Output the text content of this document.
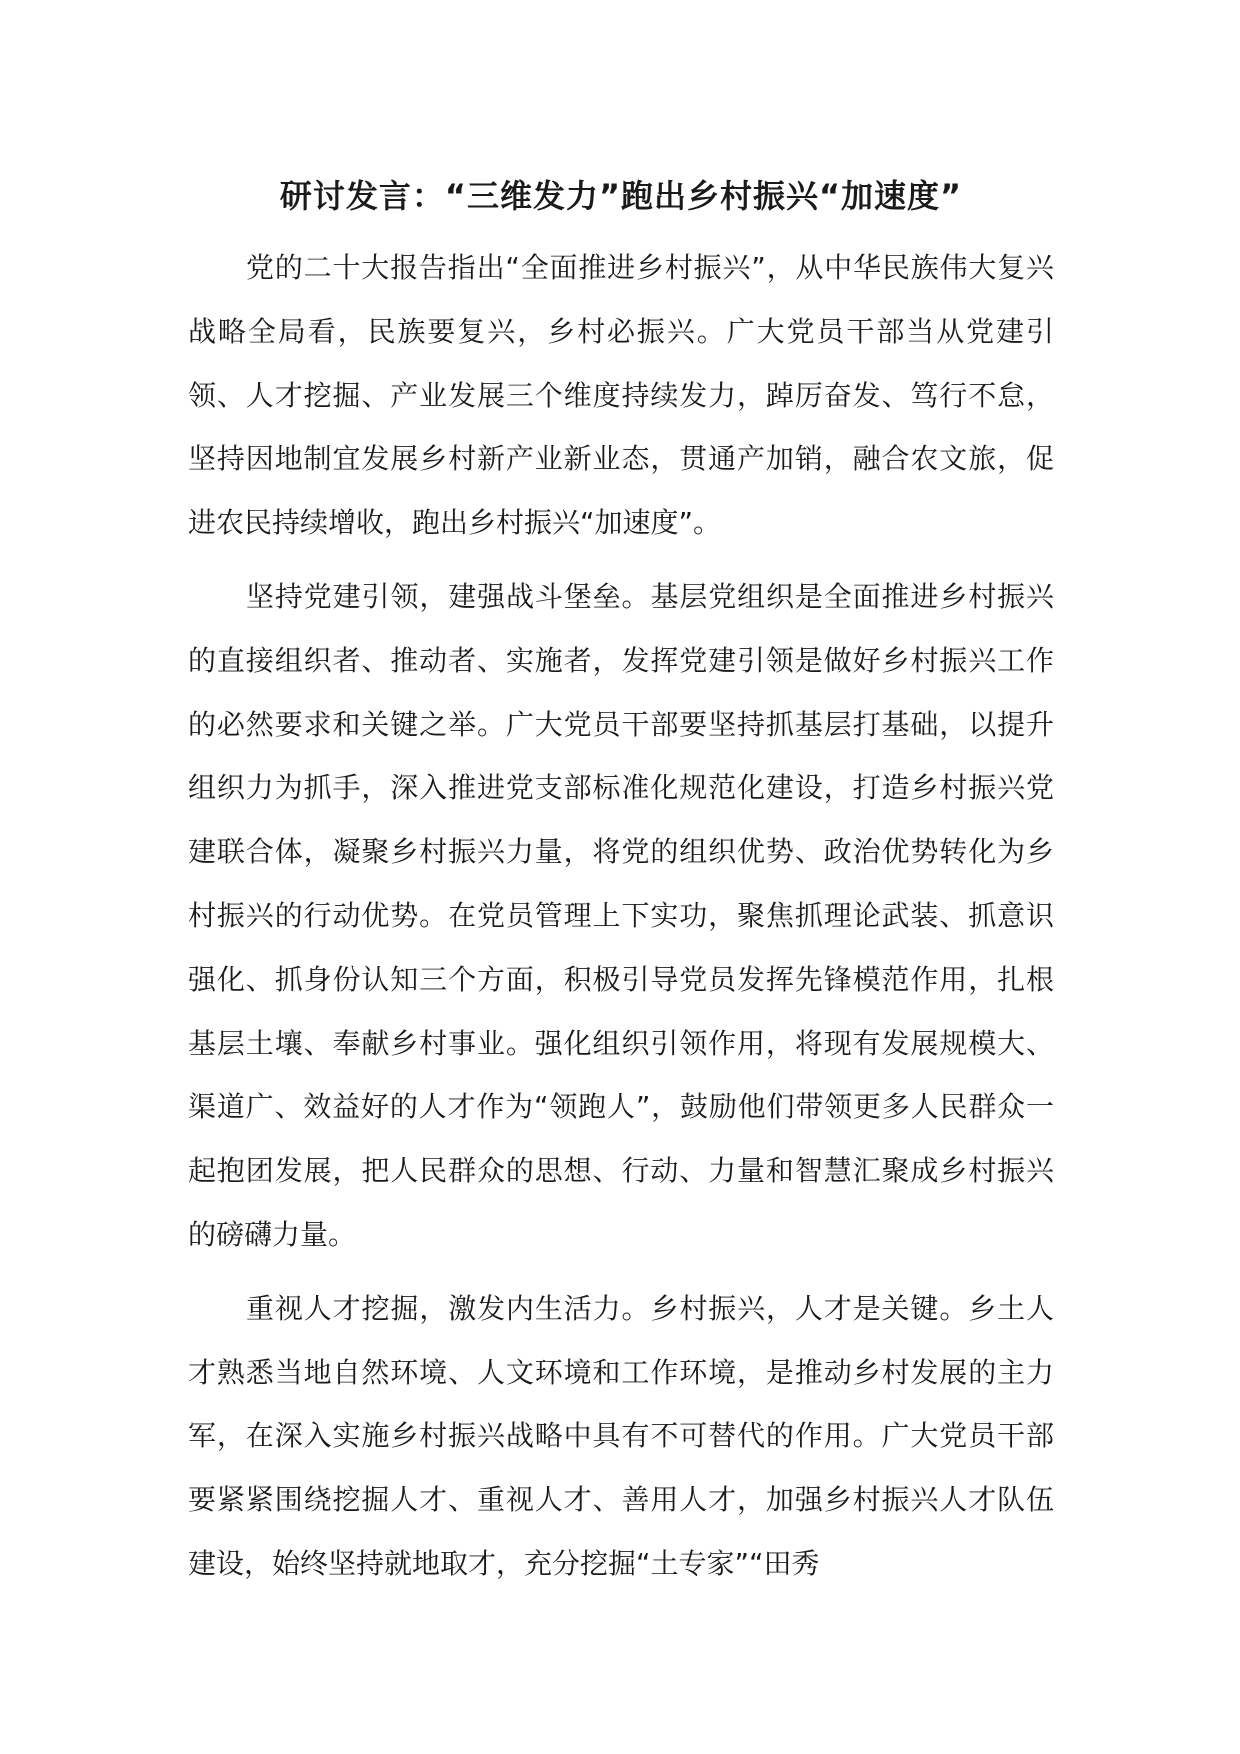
研讨发言：“三维发力”跑出乡村振兴“加速度”

党的二十大报告指出“全面推进乡村振兴”，从中华民族伟大复兴战略全局看，民族要复兴，乡村必振兴。广大党员干部当从党建引领、人才挖掘、产业发展三个维度持续发力，踔厉奋发、笃行不怠，坚持因地制宜发展乡村新产业新业态，贯通产加销，融合农文旅，促进农民持续增收，跑出乡村振兴“加速度”。

坚持党建引领，建强战斗堡垒。基层党组织是全面推进乡村振兴的直接组织者、推动者、实施者，发挥党建引领是做好乡村振兴工作的必然要求和关键之举。广大党员干部要坚持抓基层打基础，以提升组织力为抓手，深入推进党支部标准化规范化建设，打造乡村振兴党建联合体，凝聚乡村振兴力量，将党的组织优势、政治优势转化为乡村振兴的行动优势。在党员管理上下实功，聚焦抓理论武装、抓意识强化、抓身份认知三个方面，积极引导党员发挥先锋模范作用，扎根基层土壤、奉献乡村事业。强化组织引领作用，将现有发展规模大、渠道广、效益好的人才作为“领跑人”，鼓励他们带领更多人民群众一起抱团发展，把人民群众的思想、行动、力量和智慧汇聚成乡村振兴的磅礴力量。

重视人才挖掘，激发内生活力。乡村振兴，人才是关键。乡土人才熟悉当地自然环境、人文环境和工作环境，是推动乡村发展的主力军，在深入实施乡村振兴战略中具有不可替代的作用。广大党员干部要紧紧围绕挖掘人才、重视人才、善用人才，加强乡村振兴人才队伍建设，始终坚持就地取才，充分挖掘“土专家”“田秀
